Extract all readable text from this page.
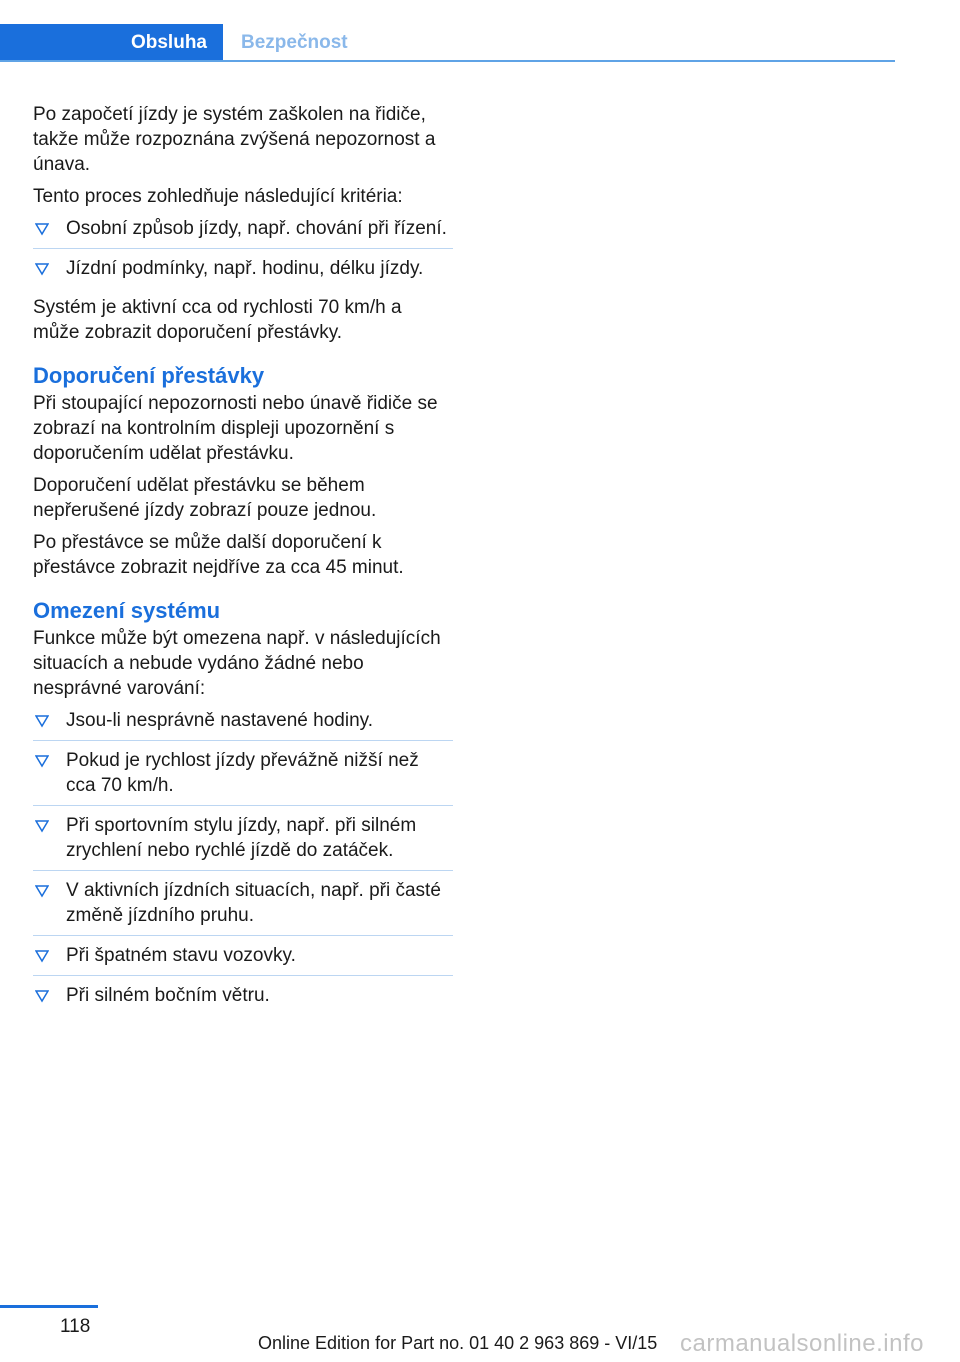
Obsluha	Bezpečnost

Po započetí jízdy je systém zaškolen na řidiče, takže může rozpoznána zvýšená nepozornost a únava.

Tento proces zohledňuje následující kritéria:

Osobní způsob jízdy, např. chování při řízení.
Jízdní podmínky, např. hodinu, délku jízdy.

Systém je aktivní cca od rychlosti 70 km/h a může zobrazit doporučení přestávky.

Doporučení přestávky

Při stoupající nepozornosti nebo únavě řidiče se zobrazí na kontrolním displeji upozornění s doporučením udělat přestávku.

Doporučení udělat přestávku se během nepřerušené jízdy zobrazí pouze jednou.

Po přestávce se může další doporučení k přestávce zobrazit nejdříve za cca 45 minut.

Omezení systému

Funkce může být omezena např. v následujících situacích a nebude vydáno žádné nebo nesprávné varování:

Jsou-li nesprávně nastavené hodiny.
Pokud je rychlost jízdy převážně nižší než cca 70 km/h.
Při sportovním stylu jízdy, např. při silném zrychlení nebo rychlé jízdě do zatáček.
V aktivních jízdních situacích, např. při časté změně jízdního pruhu.
Při špatném stavu vozovky.
Při silném bočním větru.
118
Online Edition for Part no. 01 40 2 963 869 - VI/15 carmanualsonline.info
